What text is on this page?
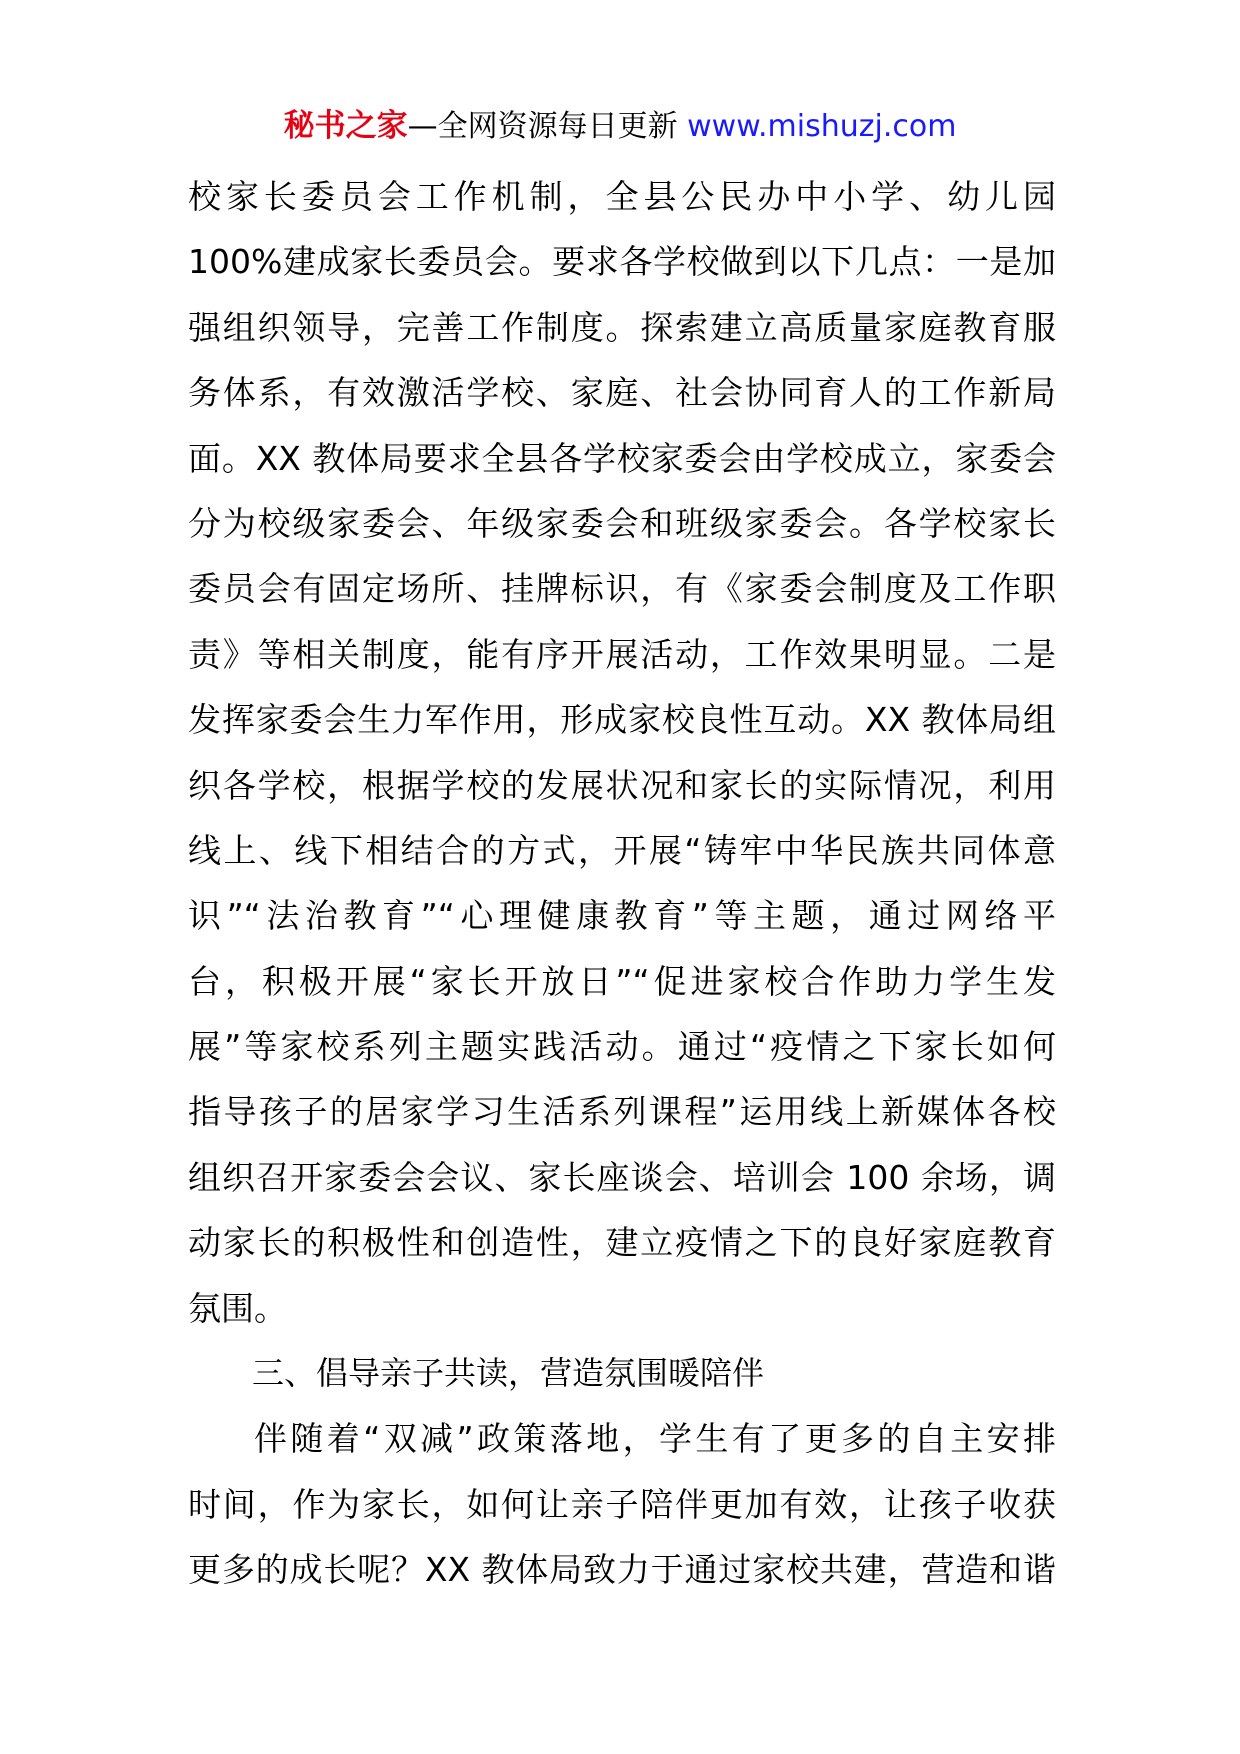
秘书之家—全网资源每日更新 www.mishuzj.com
校家长委员会工作机制，全县公民办中小学、幼儿园
100%建成家长委员会。要求各学校做到以下几点：一是加
强组织领导，完善工作制度。探索建立高质量家庭教育服
务体系，有效激活学校、家庭、社会协同育人的工作新局
面。XX 教体局要求全县各学校家委会由学校成立，家委会
分为校级家委会、年级家委会和班级家委会。各学校家长
委员会有固定场所、挂牌标识，有《家委会制度及工作职
责》等相关制度，能有序开展活动，工作效果明显。二是
发挥家委会生力军作用，形成家校良性互动。XX 教体局组
织各学校，根据学校的发展状况和家长的实际情况，利用
线上、线下相结合的方式，开展“铸牢中华民族共同体意
识”“法治教育”“心理健康教育”等主题，通过网络平
台，积极开展“家长开放日”“促进家校合作助力学生发
展”等家校系列主题实践活动。通过“疫情之下家长如何
指导孩子的居家学习生活系列课程”运用线上新媒体各校
组织召开家委会会议、家长座谈会、培训会 100 余场，调
动家长的积极性和创造性，建立疫情之下的良好家庭教育
氛围。
三、倡导亲子共读，营造氛围暖陪伴
伴随着“双减”政策落地，学生有了更多的自主安排
时间，作为家长，如何让亲子陪伴更加有效，让孩子收获
更多的成长呢？XX 教体局致力于通过家校共建，营造和谐
